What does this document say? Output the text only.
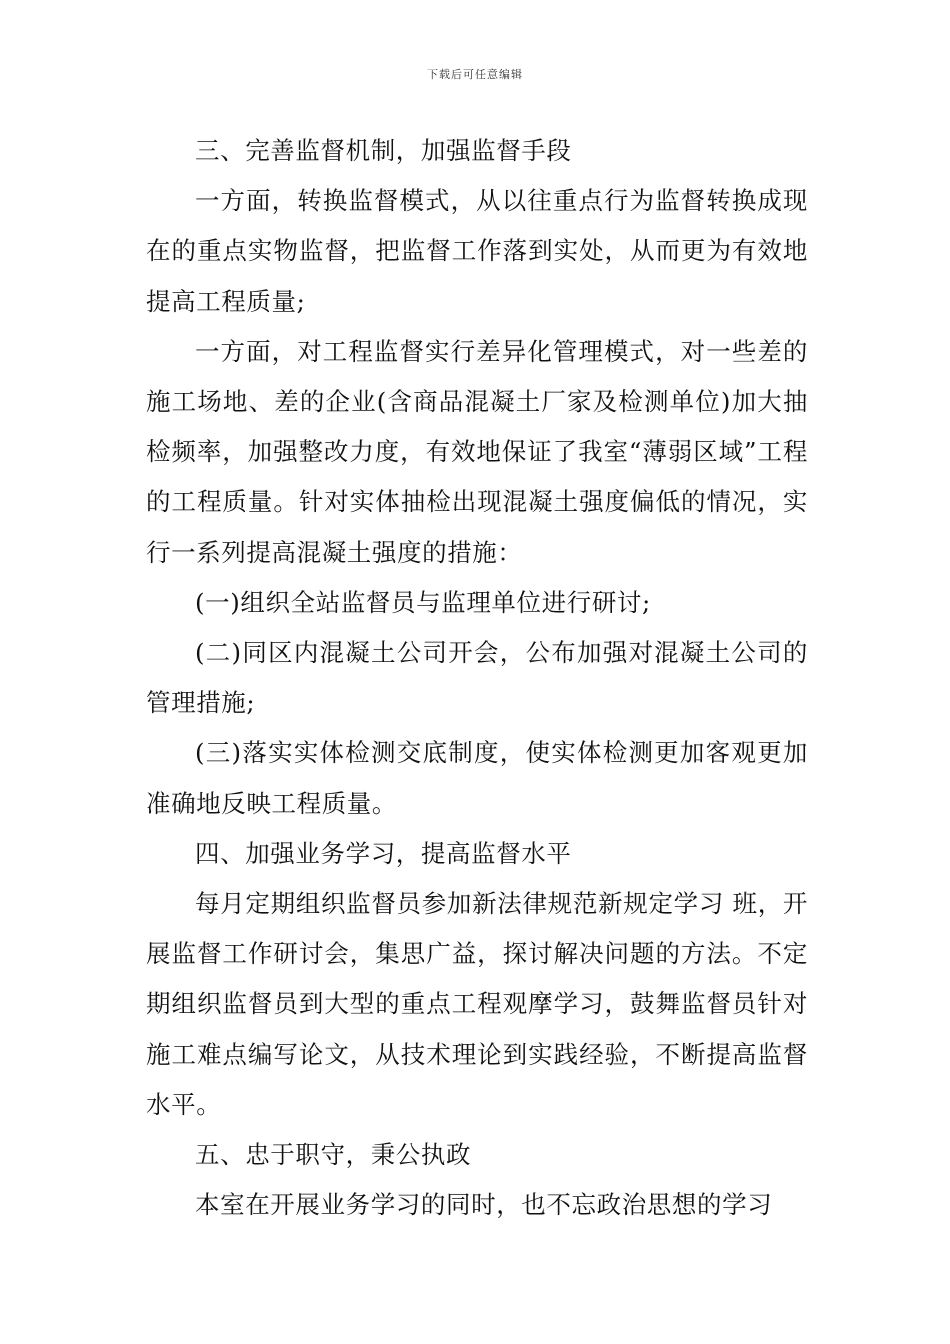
下载后可任意编辑

三、完善监督机制，加强监督手段

一方面，转换监督模式，从以往重点行为监督转换成现在的重点实物监督，把监督工作落到实处，从而更为有效地提高工程质量;

一方面，对工程监督实行差异化管理模式，对一些差的施工场地、差的企业(含商品混凝土厂家及检测单位)加大抽检频率，加强整改力度，有效地保证了我室“薄弱区域”工程的工程质量。针对实体抽检出现混凝土强度偏低的情况，实行一系列提高混凝土强度的措施：

(一)组织全站监督员与监理单位进行研讨;

(二)同区内混凝土公司开会，公布加强对混凝土公司的管理措施;

(三)落实实体检测交底制度，使实体检测更加客观更加准确地反映工程质量。

四、加强业务学习，提高监督水平

每月定期组织监督员参加新法律规范新规定学习 班，开展监督工作研讨会，集思广益，探讨解决问题的方法。不定期组织监督员到大型的重点工程观摩学习，鼓舞监督员针对施工难点编写论文，从技术理论到实践经验，不断提高监督水平。

五、忠于职守，秉公执政

本室在开展业务学习的同时，也不忘政治思想的学习
